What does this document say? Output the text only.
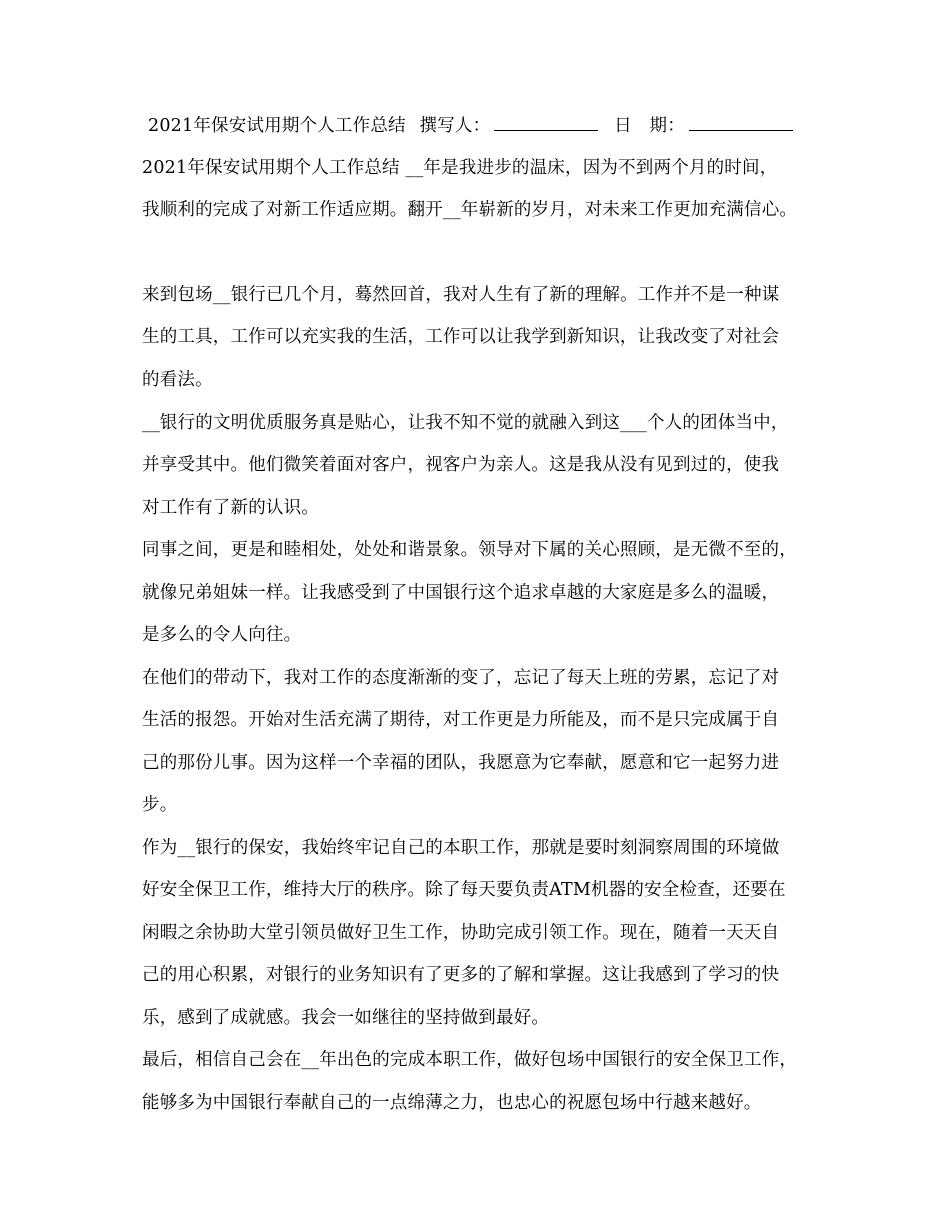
2021年保安试用期个人工作总结 撰写人：	日　期：
2021年保安试用期个人工作总结 __年是我进步的温床，因为不到两个月的时间，
我顺利的完成了对新工作适应期。翻开__年崭新的岁月，对未来工作更加充满信心。
来到包场__银行已几个月，蓦然回首，我对人生有了新的理解。工作并不是一种谋
生的工具，工作可以充实我的生活，工作可以让我学到新知识，让我改变了对社会
的看法。
__银行的文明优质服务真是贴心，让我不知不觉的就融入到这___个人的团体当中，
并享受其中。他们微笑着面对客户，视客户为亲人。这是我从没有见到过的，使我
对工作有了新的认识。
同事之间，更是和睦相处，处处和谐景象。领导对下属的关心照顾，是无微不至的，
就像兄弟姐妹一样。让我感受到了中国银行这个追求卓越的大家庭是多么的温暖，
是多么的令人向往。
在他们的带动下，我对工作的态度渐渐的变了，忘记了每天上班的劳累，忘记了对
生活的报怨。开始对生活充满了期待，对工作更是力所能及，而不是只完成属于自
己的那份儿事。因为这样一个幸福的团队，我愿意为它奉献，愿意和它一起努力进
步。
作为__银行的保安，我始终牢记自己的本职工作，那就是要时刻洞察周围的环境做
好安全保卫工作，维持大厅的秩序。除了每天要负责ATM机器的安全检查，还要在
闲暇之余协助大堂引领员做好卫生工作，协助完成引领工作。现在，随着一天天自
己的用心积累，对银行的业务知识有了更多的了解和掌握。这让我感到了学习的快
乐，感到了成就感。我会一如继往的坚持做到最好。
最后，相信自己会在__年出色的完成本职工作，做好包场中国银行的安全保卫工作，
能够多为中国银行奉献自己的一点绵薄之力，也忠心的祝愿包场中行越来越好。
